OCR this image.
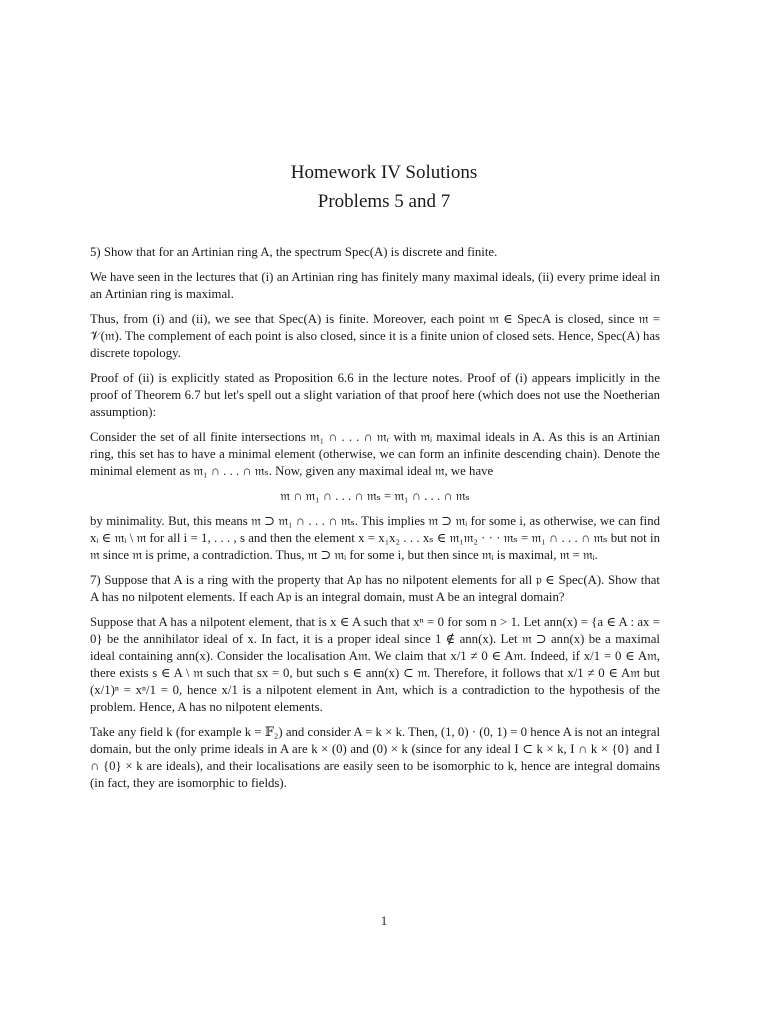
Homework IV Solutions
Problems 5 and 7

5) Show that for an Artinian ring A, the spectrum Spec(A) is discrete and finite.

We have seen in the lectures that (i) an Artinian ring has finitely many maximal ideals, (ii) every prime ideal in an Artinian ring is maximal.

Thus, from (i) and (ii), we see that Spec(A) is finite. Moreover, each point 𝔪 ∈ SpecA is closed, since 𝔪 = 𝒱(𝔪). The complement of each point is also closed, since it is a finite union of closed sets. Hence, Spec(A) has discrete topology.

Proof of (ii) is explicitly stated as Proposition 6.6 in the lecture notes. Proof of (i) appears implicitly in the proof of Theorem 6.7 but let's spell out a slight variation of that proof here (which does not use the Noetherian assumption):

Consider the set of all finite intersections 𝔪₁ ∩ . . . ∩ 𝔪ᵣ with 𝔪ᵢ maximal ideals in A. As this is an Artinian ring, this set has to have a minimal element (otherwise, we can form an infinite descending chain). Denote the minimal element as 𝔪₁ ∩ . . . ∩ 𝔪ₛ. Now, given any maximal ideal 𝔪, we have

𝔪 ∩ 𝔪₁ ∩ . . . ∩ 𝔪ₛ = 𝔪₁ ∩ . . . ∩ 𝔪ₛ

by minimality. But, this means 𝔪 ⊃ 𝔪₁ ∩ . . . ∩ 𝔪ₛ. This implies 𝔪 ⊃ 𝔪ᵢ for some i, as otherwise, we can find xᵢ ∈ 𝔪ᵢ \ 𝔪 for all i = 1, . . . , s and then the element x = x₁x₂ . . . xₛ ∈ 𝔪₁𝔪₂ · · · 𝔪ₛ = 𝔪₁ ∩ . . . ∩ 𝔪ₛ but not in 𝔪 since 𝔪 is prime, a contradiction. Thus, 𝔪 ⊃ 𝔪ᵢ for some i, but then since 𝔪ᵢ is maximal, 𝔪 = 𝔪ᵢ.

7) Suppose that A is a ring with the property that A𝔭 has no nilpotent elements for all 𝔭 ∈ Spec(A). Show that A has no nilpotent elements. If each A𝔭 is an integral domain, must A be an integral domain?

Suppose that A has a nilpotent element, that is x ∈ A such that xⁿ = 0 for som n > 1. Let ann(x) = {a ∈ A : ax = 0} be the annihilator ideal of x. In fact, it is a proper ideal since 1 ∉ ann(x). Let 𝔪 ⊃ ann(x) be a maximal ideal containing ann(x). Consider the localisation A𝔪. We claim that x/1 ≠ 0 ∈ A𝔪. Indeed, if x/1 = 0 ∈ A𝔪, there exists s ∈ A \ 𝔪 such that sx = 0, but such s ∈ ann(x) ⊂ 𝔪. Therefore, it follows that x/1 ≠ 0 ∈ A𝔪 but (x/1)ⁿ = xⁿ/1 = 0, hence x/1 is a nilpotent element in A𝔪, which is a contradiction to the hypothesis of the problem. Hence, A has no nilpotent elements.

Take any field k (for example k = 𝔽₂) and consider A = k × k. Then, (1, 0) · (0, 1) = 0 hence A is not an integral domain, but the only prime ideals in A are k × (0) and (0) × k (since for any ideal I ⊂ k × k, I ∩ k × {0} and I ∩ {0} × k are ideals), and their localisations are easily seen to be isomorphic to k, hence are integral domains (in fact, they are isomorphic to fields).

1
